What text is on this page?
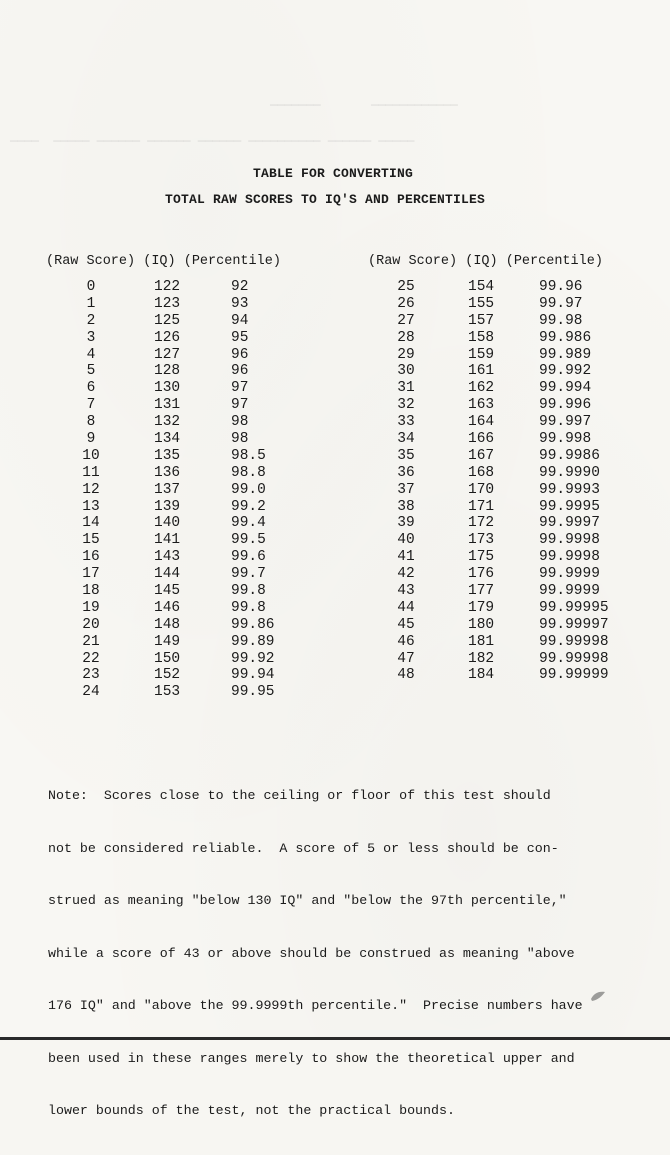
▁▁▁▁▁▁▁       ▁▁▁▁▁▁▁▁▁▁▁▁
▁▁▁▁  ▁▁▁▁▁ ▁▁▁▁▁▁ ▁▁▁▁▁▁ ▁▁▁▁▁▁ ▁▁▁▁▁▁▁▁▁▁ ▁▁▁▁▁▁ ▁▁▁▁▁
TABLE FOR CONVERTING
TOTAL RAW SCORES TO IQ'S AND PERCENTILES
(Raw Score) (IQ) (Percentile)	(Raw Score) (IQ) (Percentile)
0	122	92
1	123	93
2	125	94
3	126	95
4	127	96
5	128	96
6	130	97
7	131	97
8	132	98
9	134	98
10	135	98.5
11	136	98.8
12	137	99.0
13	139	99.2
14	140	99.4
15	141	99.5
16	143	99.6
17	144	99.7
18	145	99.8
19	146	99.8
20	148	99.86
21	149	99.89
22	150	99.92
23	152	99.94
24	153	99.95
25	154	99.96
26	155	99.97
27	157	99.98
28	158	99.986
29	159	99.989
30	161	99.992
31	162	99.994
32	163	99.996
33	164	99.997
34	166	99.998
35	167	99.9986
36	168	99.9990
37	170	99.9993
38	171	99.9995
39	172	99.9997
40	173	99.9998
41	175	99.9998
42	176	99.9999
43	177	99.9999
44	179	99.99995
45	180	99.99997
46	181	99.99998
47	182	99.99998
48	184	99.99999

Note:  Scores close to the ceiling or floor of this test should

not be considered reliable.  A score of 5 or less should be con-

strued as meaning "below 130 IQ" and "below the 97th percentile,"

while a score of 43 or above should be construed as meaning "above

176 IQ" and "above the 99.9999th percentile."  Precise numbers have

been used in these ranges merely to show the theoretical upper and

lower bounds of the test, not the practical bounds.
